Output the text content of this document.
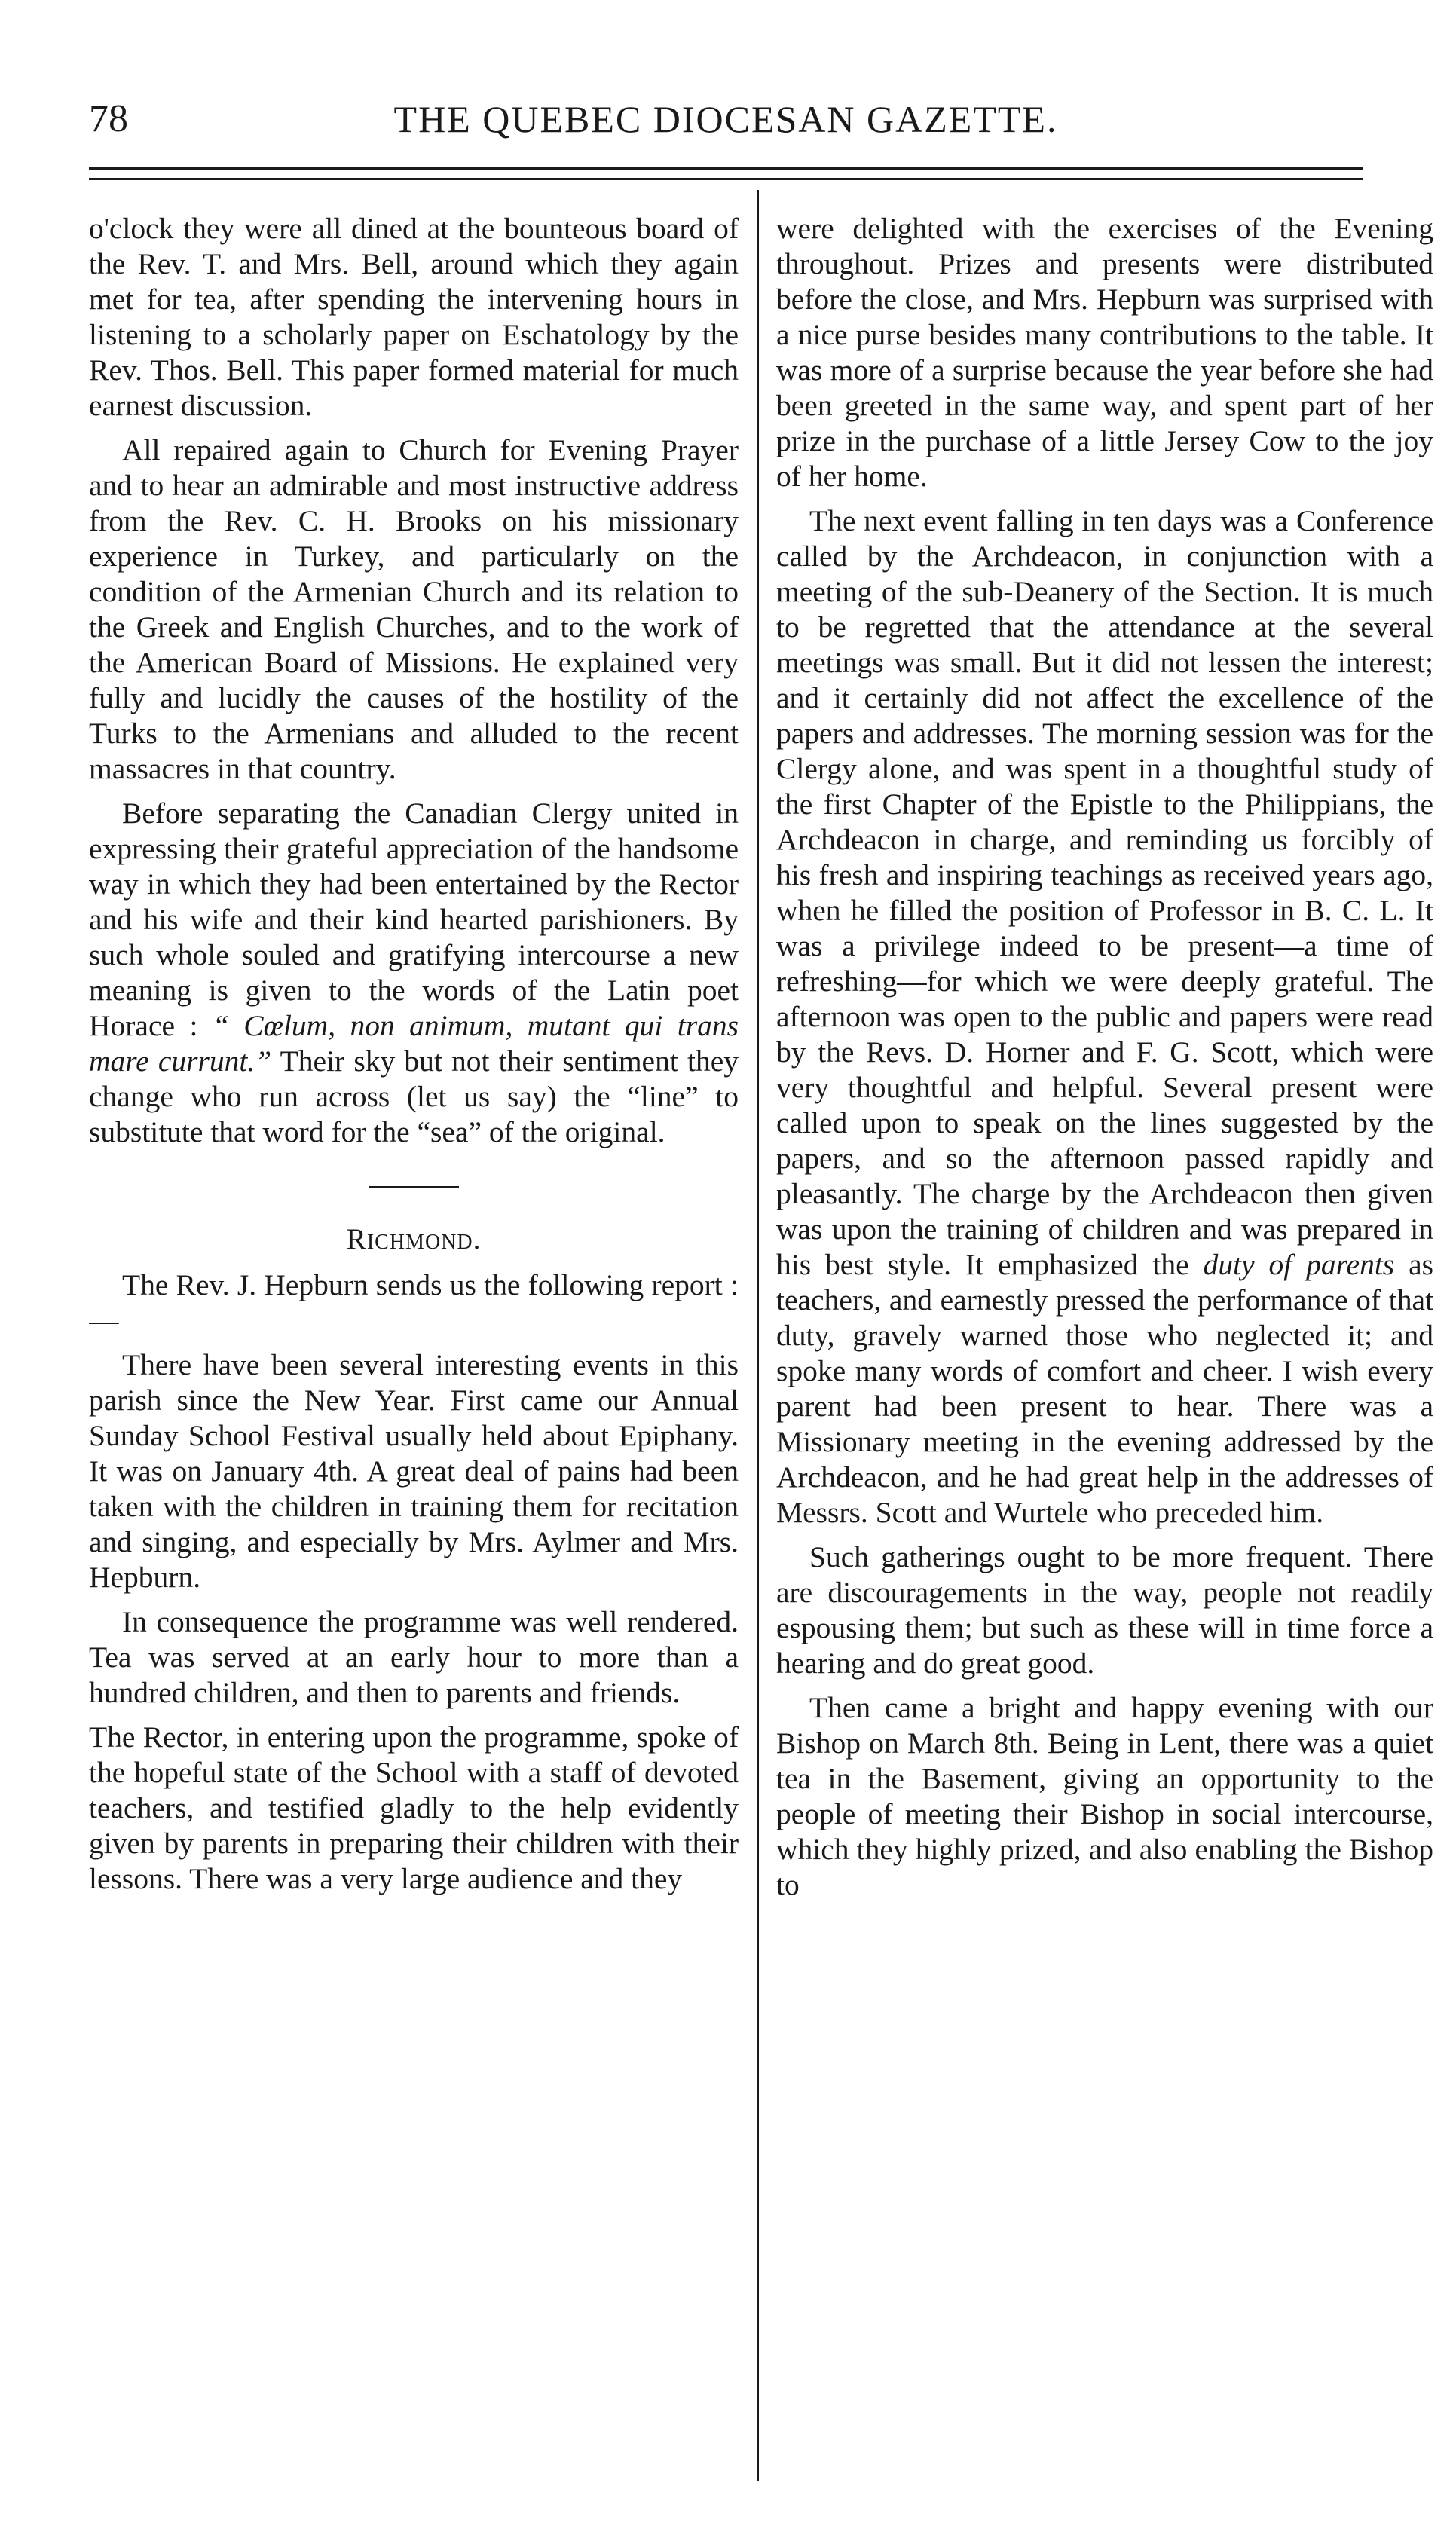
78	THE QUEBEC DIOCESAN GAZETTE.

o'clock they were all dined at the bounteous board of the Rev. T. and Mrs. Bell, around which they again met for tea, after spending the intervening hours in listening to a scholarly paper on Eschatology by the Rev. Thos. Bell. This paper formed material for much earnest discussion.

All repaired again to Church for Evening Prayer and to hear an admirable and most instructive address from the Rev. C. H. Brooks on his missionary experience in Turkey, and particularly on the condition of the Armenian Church and its relation to the Greek and English Churches, and to the work of the American Board of Missions. He explained very fully and lucidly the causes of the hostility of the Turks to the Armenians and alluded to the recent massacres in that country.

Before separating the Canadian Clergy united in expressing their grateful appreciation of the handsome way in which they had been entertained by the Rector and his wife and their kind hearted parishioners. By such whole souled and gratifying intercourse a new meaning is given to the words of the Latin poet Horace : “ Cœlum, non animum, mutant qui trans mare currunt.” Their sky but not their sentiment they change who run across (let us say) the “line” to substitute that word for the “sea” of the original.

Richmond.

The Rev. J. Hepburn sends us the following report :—

There have been several interesting events in this parish since the New Year. First came our Annual Sunday School Festival usually held about Epiphany. It was on January 4th. A great deal of pains had been taken with the children in training them for recitation and singing, and especially by Mrs. Aylmer and Mrs. Hepburn.

In consequence the programme was well rendered. Tea was served at an early hour to more than a hundred children, and then to parents and friends.

The Rector, in entering upon the programme, spoke of the hopeful state of the School with a staff of devoted teachers, and testified gladly to the help evidently given by parents in preparing their children with their lessons. There was a very large audience and they

were delighted with the exercises of the Evening throughout. Prizes and presents were distributed before the close, and Mrs. Hepburn was surprised with a nice purse besides many contributions to the table. It was more of a surprise because the year before she had been greeted in the same way, and spent part of her prize in the purchase of a little Jersey Cow to the joy of her home.

The next event falling in ten days was a Conference called by the Archdeacon, in conjunction with a meeting of the sub-Deanery of the Section. It is much to be regretted that the attendance at the several meetings was small. But it did not lessen the interest; and it certainly did not affect the excellence of the papers and addresses. The morning session was for the Clergy alone, and was spent in a thoughtful study of the first Chapter of the Epistle to the Philippians, the Archdeacon in charge, and reminding us forcibly of his fresh and inspiring teachings as received years ago, when he filled the position of Professor in B. C. L. It was a privilege indeed to be present—a time of refreshing—for which we were deeply grateful. The afternoon was open to the public and papers were read by the Revs. D. Horner and F. G. Scott, which were very thoughtful and helpful. Several present were called upon to speak on the lines suggested by the papers, and so the afternoon passed rapidly and pleasantly. The charge by the Archdeacon then given was upon the training of children and was prepared in his best style. It emphasized the duty of parents as teachers, and earnestly pressed the performance of that duty, gravely warned those who neglected it; and spoke many words of comfort and cheer. I wish every parent had been present to hear. There was a Missionary meeting in the evening addressed by the Archdeacon, and he had great help in the addresses of Messrs. Scott and Wurtele who preceded him.

Such gatherings ought to be more frequent. There are discouragements in the way, people not readily espousing them; but such as these will in time force a hearing and do great good.

Then came a bright and happy evening with our Bishop on March 8th. Being in Lent, there was a quiet tea in the Basement, giving an opportunity to the people of meeting their Bishop in social intercourse, which they highly prized, and also enabling the Bishop to
